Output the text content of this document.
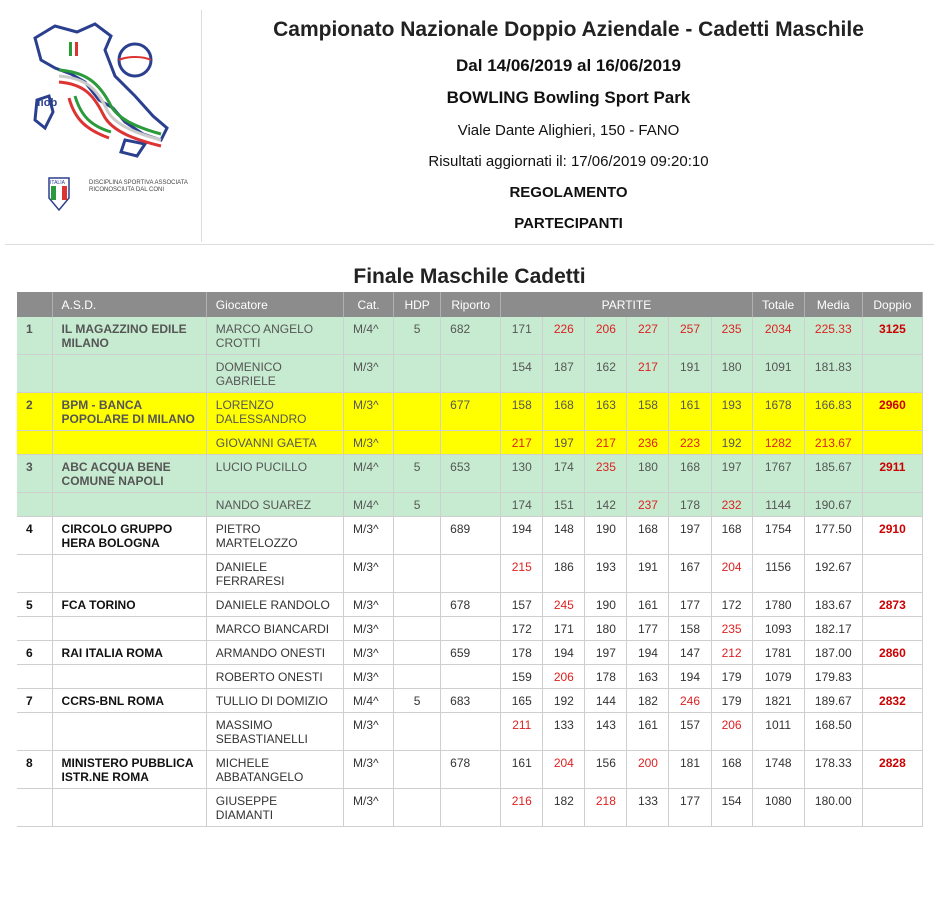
fiob
ITALIA	DISCIPLINA SPORTIVA ASSOCIATA RICONOSCIUTA DAL CONI
Campionato Nazionale Doppio Aziendale - Cadetti Maschile
Dal 14/06/2019 al 16/06/2019
BOWLING Bowling Sport Park
Viale Dante Alighieri, 150 - FANO
Risultati aggiornati il: 17/06/2019 09:20:10
REGOLAMENTO
PARTECIPANTI
Finale Maschile Cadetti
	A.S.D.	Giocatore	Cat.	HDP	Riporto	PARTITE						Totale	Media	Doppio
1	IL MAGAZZINO EDILE MILANO	MARCO ANGELO CROTTI	M/4^	5	682	171	226	206	227	257	235	2034	225.33	3125
		DOMENICO GABRIELE	M/3^			154	187	162	217	191	180	1091	181.83	
2	BPM - BANCA POPOLARE DI MILANO	LORENZO DALESSANDRO	M/3^		677	158	168	163	158	161	193	1678	166.83	2960
		GIOVANNI GAETA	M/3^			217	197	217	236	223	192	1282	213.67	
3	ABC ACQUA BENE COMUNE NAPOLI	LUCIO PUCILLO	M/4^	5	653	130	174	235	180	168	197	1767	185.67	2911
		NANDO SUAREZ	M/4^	5		174	151	142	237	178	232	1144	190.67	
4	CIRCOLO GRUPPO HERA BOLOGNA	PIETRO MARTELOZZO	M/3^		689	194	148	190	168	197	168	1754	177.50	2910
		DANIELE FERRARESI	M/3^			215	186	193	191	167	204	1156	192.67	
5	FCA TORINO	DANIELE RANDOLO	M/3^		678	157	245	190	161	177	172	1780	183.67	2873
		MARCO BIANCARDI	M/3^			172	171	180	177	158	235	1093	182.17	
6	RAI ITALIA ROMA	ARMANDO ONESTI	M/3^		659	178	194	197	194	147	212	1781	187.00	2860
		ROBERTO ONESTI	M/3^			159	206	178	163	194	179	1079	179.83	
7	CCRS-BNL ROMA	TULLIO DI DOMIZIO	M/4^	5	683	165	192	144	182	246	179	1821	189.67	2832
		MASSIMO SEBASTIANELLI	M/3^			211	133	143	161	157	206	1011	168.50	
8	MINISTERO PUBBLICA ISTR.NE ROMA	MICHELE ABBATANGELO	M/3^		678	161	204	156	200	181	168	1748	178.33	2828
		GIUSEPPE DIAMANTI	M/3^			216	182	218	133	177	154	1080	180.00	
